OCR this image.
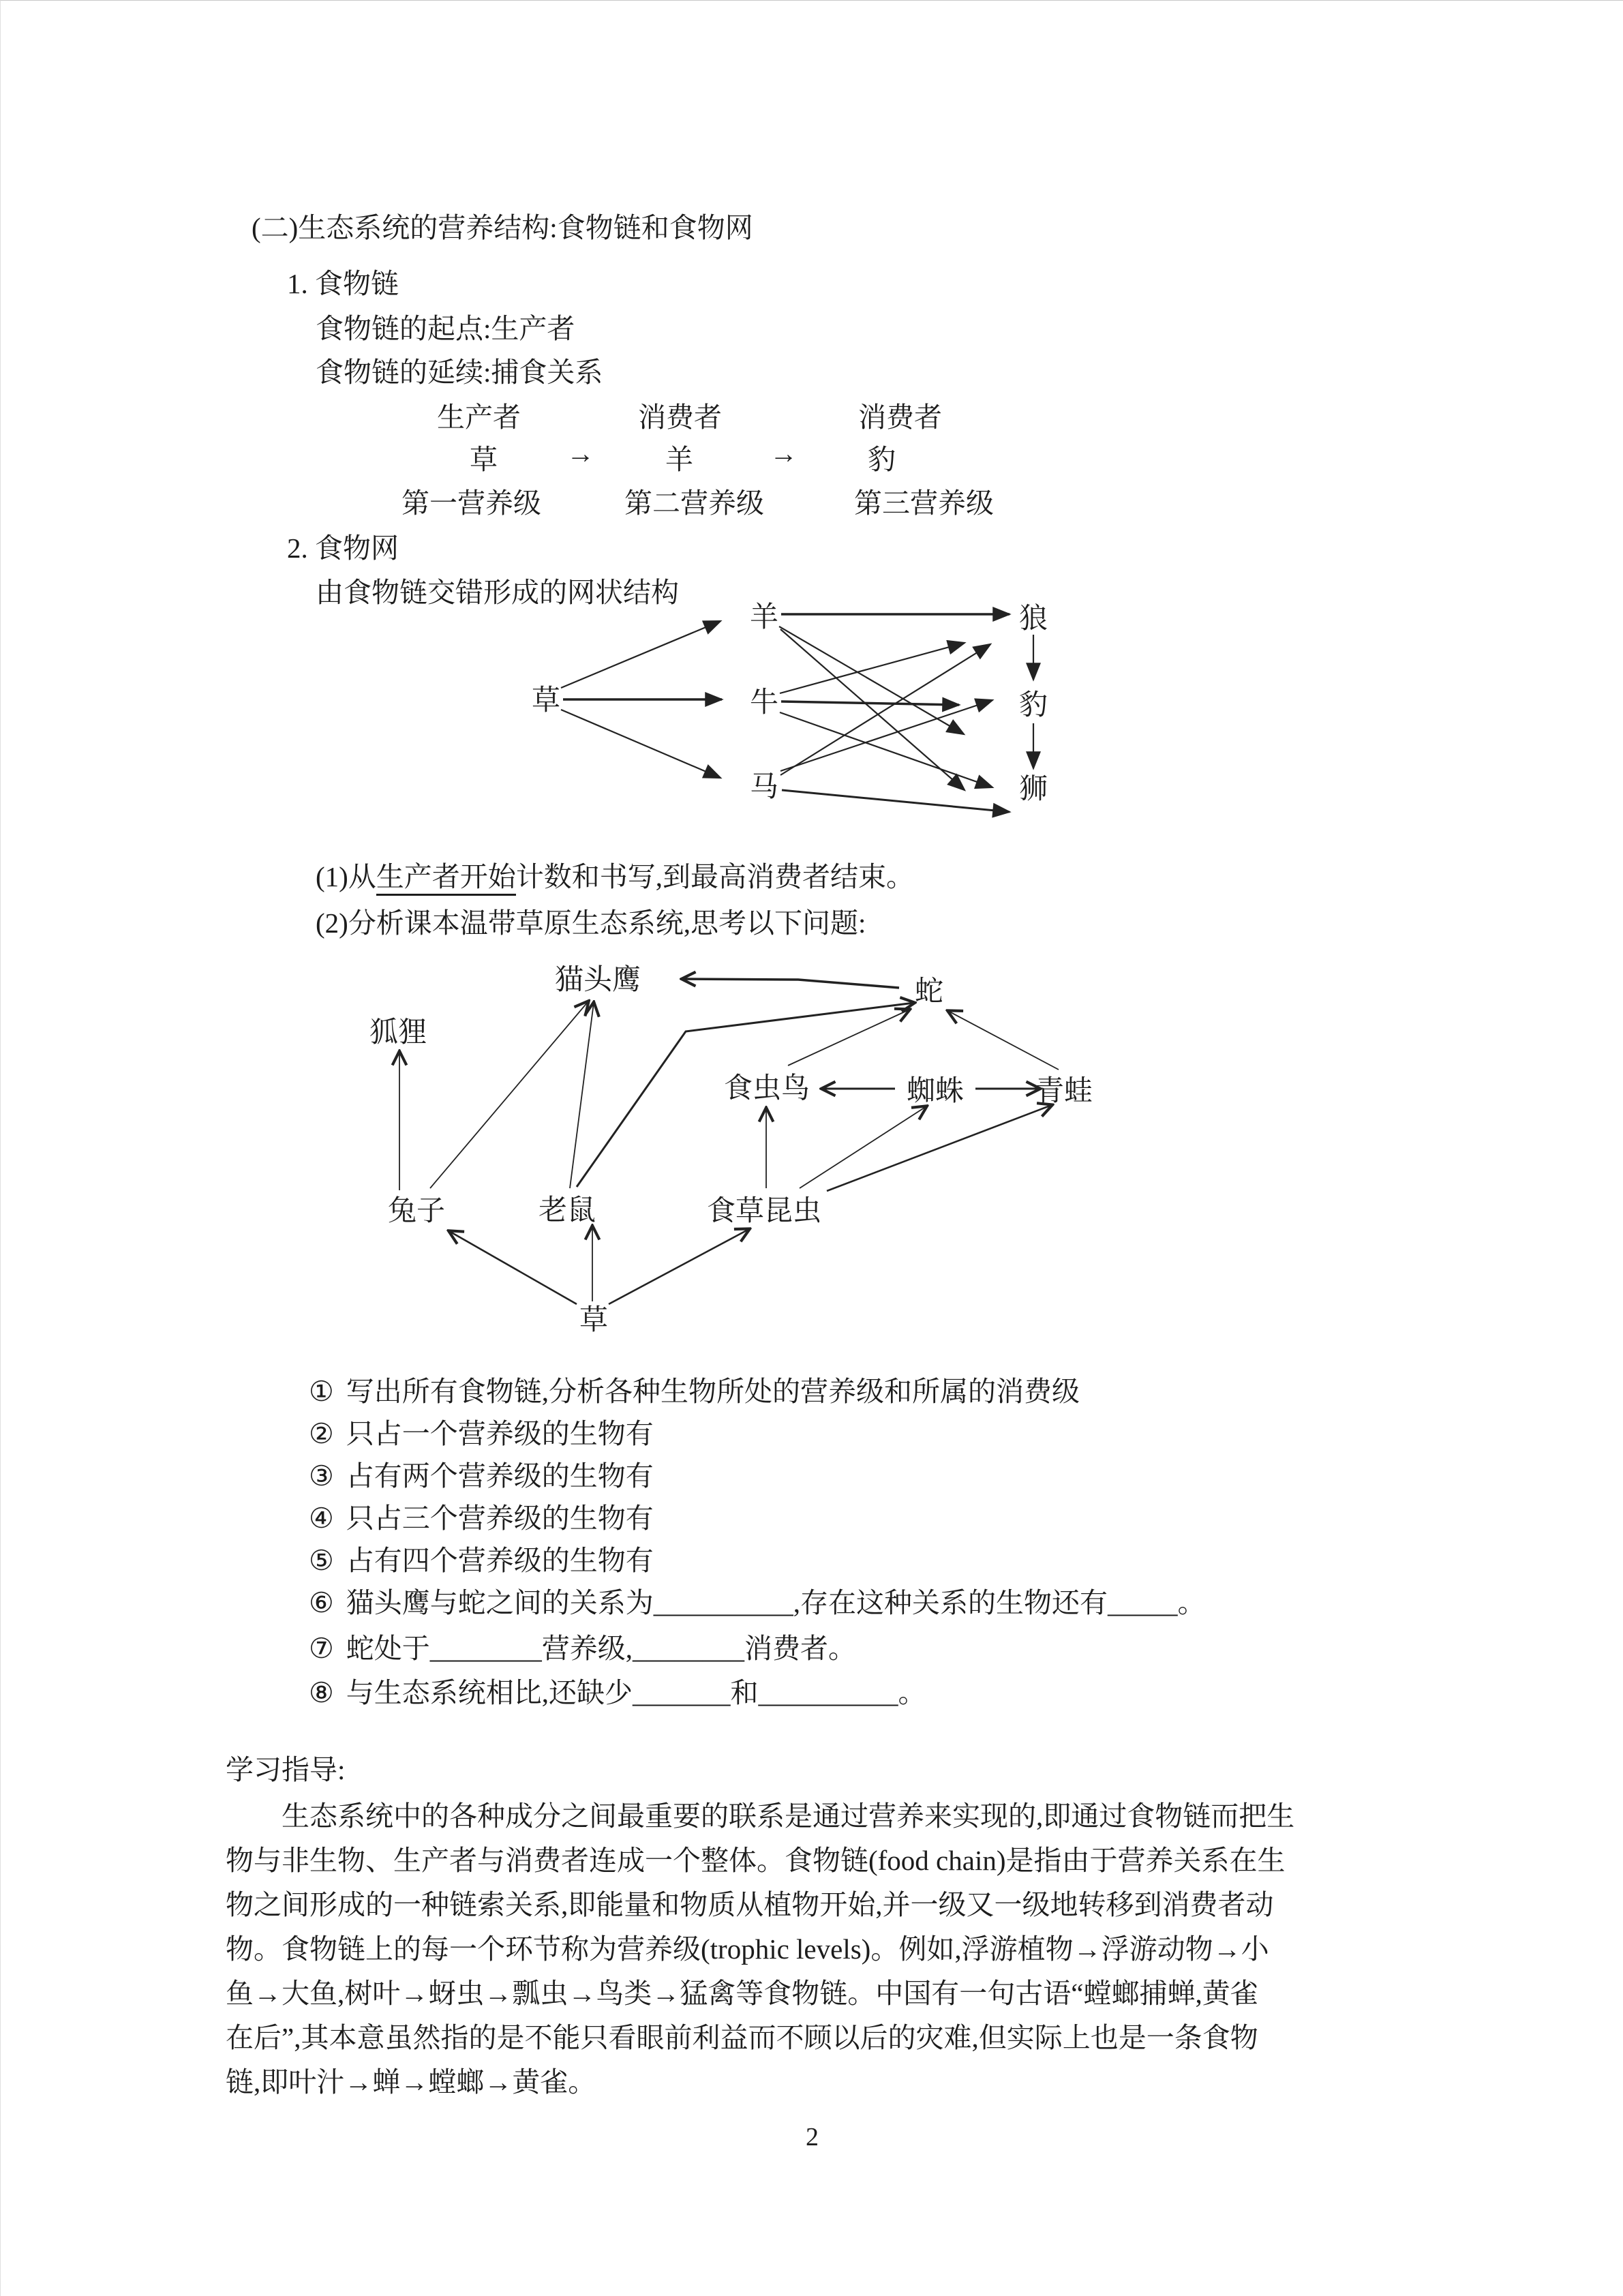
(二)生态系统的营养结构:食物链和食物网
1. 食物链
食物链的起点:生产者
食物链的延续:捕食关系
生产者	消费者	消费者
草 →	羊	→	豹
第一营养级	第二营养级	第三营养级
2. 食物网
由食物链交错形成的网状结构
草
羊
牛
马
狼
豹
狮
(1)从生产者开始计数和书写,到最高消费者结束。
(2)分析课本温带草原生态系统,思考以下问题:
猫头鹰	蛇
狐狸
食虫鸟	蜘蛛 青蛙
兔子	老鼠	食草昆虫
草
① 写出所有食物链,分析各种生物所处的营养级和所属的消费级
② 只占一个营养级的生物有
③ 占有两个营养级的生物有
④ 只占三个营养级的生物有
⑤ 占有四个营养级的生物有
⑥ 猫头鹰与蛇之间的关系为__________,存在这种关系的生物还有_____。
⑦ 蛇处于________营养级,________消费者。
⑧ 与生态系统相比,还缺少_______和__________。
学习指导:
生态系统中的各种成分之间最重要的联系是通过营养来实现的,即通过食物链而把生
物与非生物、生产者与消费者连成一个整体。食物链(food chain)是指由于营养关系在生
物之间形成的一种链索关系,即能量和物质从植物开始,并一级又一级地转移到消费者动
物。食物链上的每一个环节称为营养级(trophic levels)。例如,浮游植物→浮游动物→小
鱼→大鱼,树叶→蚜虫→瓢虫→鸟类→猛禽等食物链。中国有一句古语“螳螂捕蝉,黄雀
在后”,其本意虽然指的是不能只看眼前利益而不顾以后的灾难,但实际上也是一条食物
链,即叶汁→蝉→螳螂→黄雀。
2
